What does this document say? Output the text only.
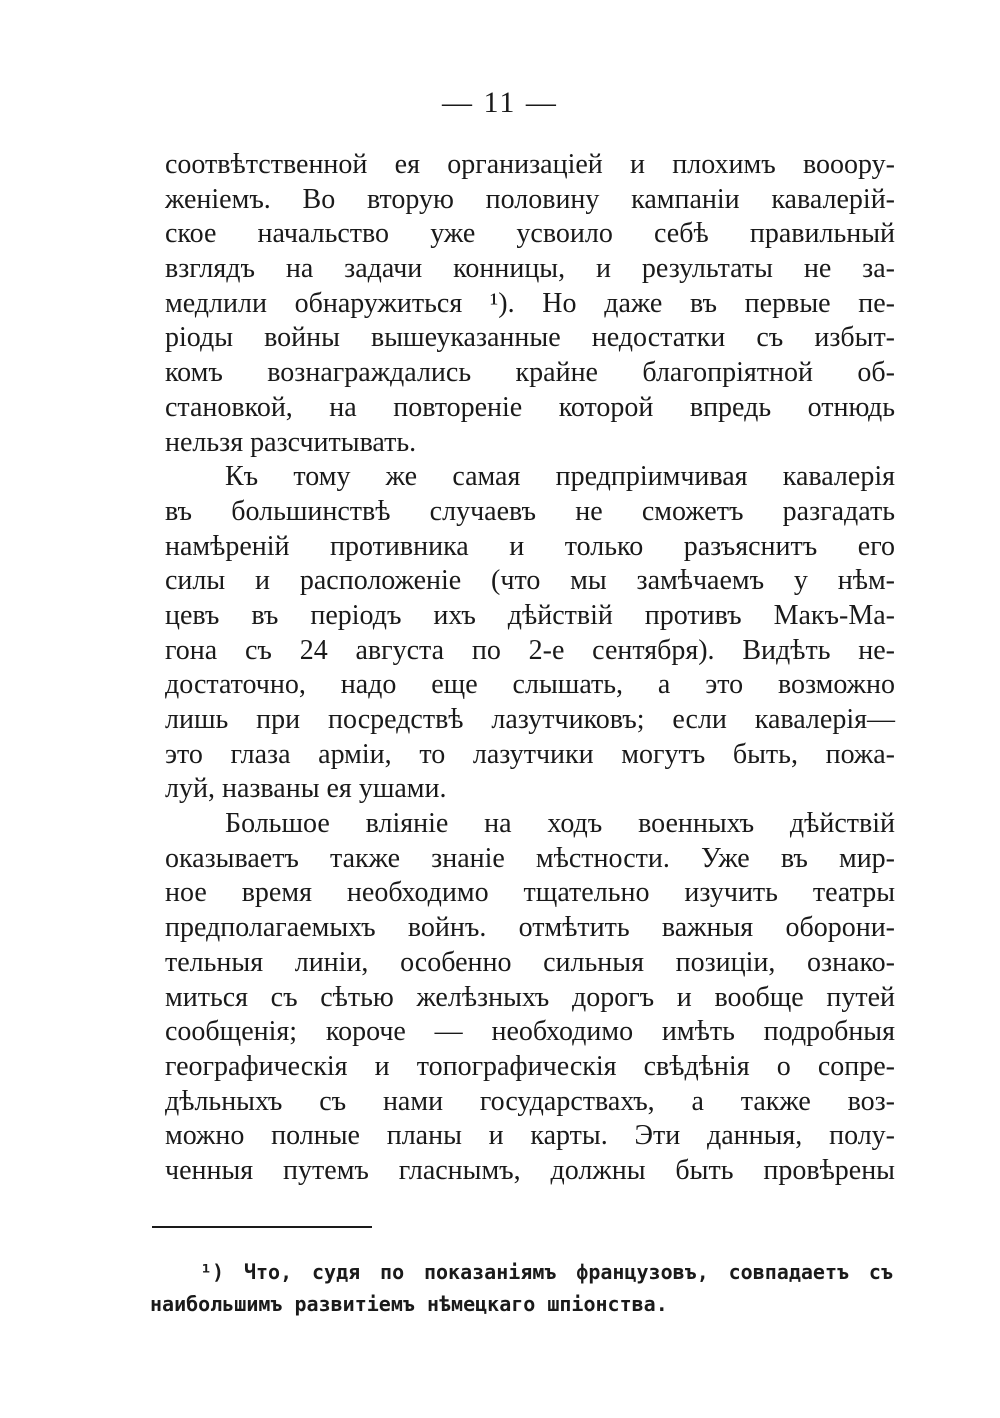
— 11 —
соотвѣтственной ея организаціей и плохимъ вооору-
женіемъ. Во вторую половину кампаніи кавалерій-
ское начальство уже усвоило себѣ правильный
взглядъ на задачи конницы, и результаты не за-
медлили обнаружиться ¹). Но даже въ первые пе-
ріоды войны вышеуказанные недостатки съ избыт-
комъ вознаграждались крайне благопріятной об-
становкой, на повтореніе которой впредь отнюдь
нельзя разсчитывать.
Къ тому же самая предпріимчивая кавалерія
въ большинствѣ случаевъ не сможетъ разгадать
намѣреній противника и только разъяснитъ его
силы и расположеніе (что мы замѣчаемъ у нѣм-
цевъ въ періодъ ихъ дѣйствій противъ Макъ-Ма-
гона съ 24 августа по 2-е сентября). Видѣть не-
достаточно, надо еще слышать, а это возможно
лишь при посредствѣ лазутчиковъ; если кавалерія—
это глаза арміи, то лазутчики могутъ быть, пожа-
луй, названы ея ушами.
Большое вліяніе на ходъ военныхъ дѣйствій
оказываетъ также знаніе мѣстности. Уже въ мир-
ное время необходимо тщательно изучить театры
предполагаемыхъ войнъ. отмѣтить важныя оборони-
тельныя линіи, особенно сильныя позиціи, ознако-
миться съ сѣтью желѣзныхъ дорогъ и вообще путей
сообщенія; короче — необходимо имѣть подробныя
географическія и топографическія свѣдѣнія о сопре-
дѣльныхъ съ нами государствахъ, а также воз-
можно полные планы и карты. Эти данныя, полу-
ченныя путемъ гласнымъ, должны быть провѣрены
¹) Что, судя по показаніямъ французовъ, совпадаетъ съ
наибольшимъ развитіемъ нѣмецкаго шпіонства.
